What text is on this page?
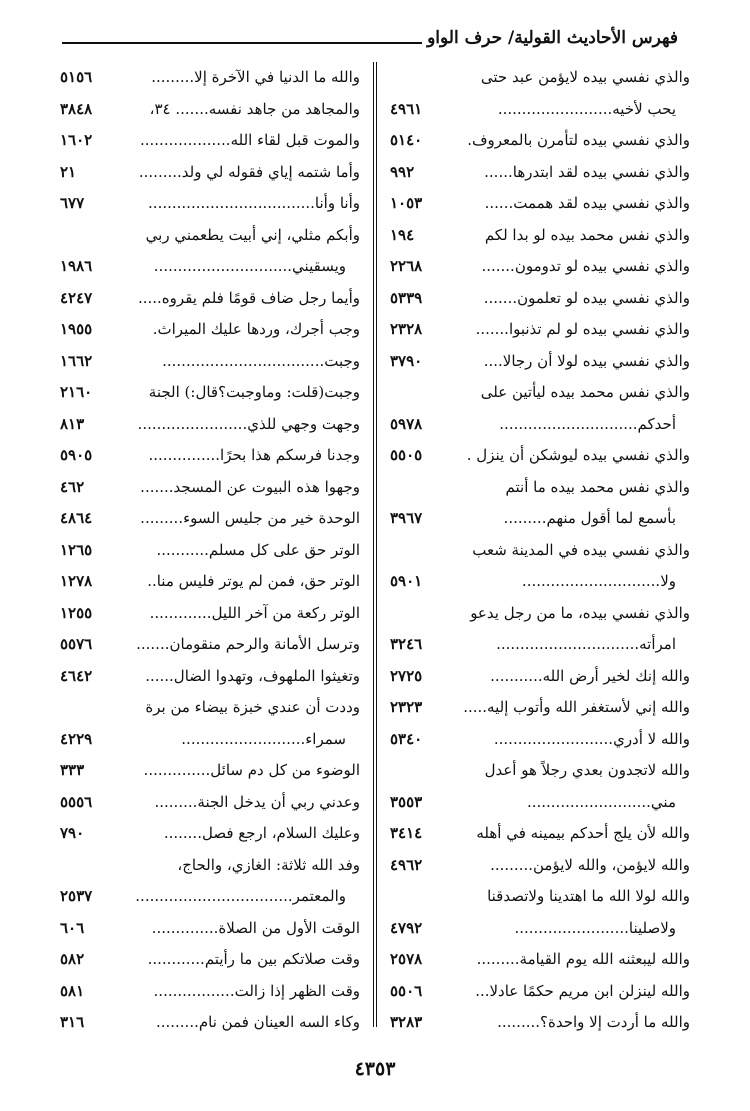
فهرس الأحاديث القولية/ حرف الواو
والذي نفسي بيده لايؤمن عبد حتى
يحب لأخيه........................
٤٩٦١
والذي نفسي بيده لتأمرن بالمعروف.
٥١٤٠
والذي نفسي بيده لقد ابتدرها......
٩٩٢
والذي نفسي بيده لقد هممت......
١٠٥٣
والذي نفس محمد بيده لو بدا لكم
١٩٤
والذي نفسي بيده لو تدومون.......
٢٢٦٨
والذي نفسي بيده لو تعلمون.......
٥٣٣٩
والذي نفسي بيده لو لم تذنبوا.......
٢٣٢٨
والذي نفسي بيده لولا أن رجالا....
٣٧٩٠
والذي نفس محمد بيده ليأتين على
أحدكم.............................
٥٩٧٨
والذي نفسي بيده ليوشكن أن ينزل .
٥٥٠٥
والذي نفس محمد بيده ما أنتم
بأسمع لما أقول منهم.........
٣٩٦٧
والذي نفسي بيده في المدينة شعب
ولا.............................
٥٩٠١
والذي نفسي بيده، ما من رجل يدعو
امرأته..............................
٣٢٤٦
والله إنك لخير أرض الله...........
٢٧٢٥
والله إني لأستغفر الله وأتوب إليه.....
٢٣٢٣
والله لا أدري.........................
٥٣٤٠
والله لاتجدون بعدي رجلاً هو أعدل
مني..........................
٣٥٥٣
والله لأن يلج أحدكم بيمينه في أهله
٣٤١٤
والله لايؤمن، والله لايؤمن.........
٤٩٦٢
والله لولا الله ما اهتدينا ولاتصدقنا
ولاصلينا........................
٤٧٩٢
والله ليبعثنه الله يوم القيامة.........
٢٥٧٨
والله لينزلن ابن مريم حكمًا عادلا...
٥٥٠٦
والله ما أردت إلا واحدة؟.........
٣٢٨٣
والله ما الدنيا في الآخرة إلا.........
٥١٥٦
والمجاهد من جاهد نفسه....... ٣٤،
٣٨٤٨
والموت قبل لقاء الله...................
١٦٠٢
وأما شتمه إياي فقوله لي ولد.........
٢١
وأنا وأنا...................................
٦٧٧
وأبكم مثلي، إني أبيت يطعمني ربي
ويسقيني.............................
١٩٨٦
وأيما رجل ضاف قومًا فلم يقروه.....
٤٢٤٧
وجب أجرك، وردها عليك الميراث.
١٩٥٥
وجبت..................................
١٦٦٢
وجبت(قلت: وماوجبت؟قال:) الجنة
٢١٦٠
وجهت وجهي للذي.......................
٨١٣
وجدنا فرسكم هذا بحرًا...............
٥٩٠٥
وجهوا هذه البيوت عن المسجد.......
٤٦٢
الوحدة خير من جليس السوء.........
٤٨٦٤
الوتر حق على كل مسلم...........
١٢٦٥
الوتر حق، فمن لم يوتر فليس منا..
١٢٧٨
الوتر ركعة من آخر الليل.............
١٢٥٥
وترسل الأمانة والرحم منقومان.......
٥٥٧٦
وتغيثوا الملهوف، وتهدوا الضال......
٤٦٤٢
وددت أن عندي خبزة بيضاء من برة
سمراء..........................
٤٢٢٩
الوضوء من كل دم سائل..............
٣٣٣
وعدني ربي أن يدخل الجنة.........
٥٥٥٦
وعليك السلام، ارجع فصل........
٧٩٠
وفد الله ثلاثة: الغازي، والحاج،
والمعتمر.................................
٢٥٣٧
الوقت الأول من الصلاة..............
٦٠٦
وقت صلاتكم بين ما رأيتم............
٥٨٢
وقت الظهر إذا زالت.................
٥٨١
وكاء السه العينان فمن نام.........
٣١٦
٤٣٥٣
